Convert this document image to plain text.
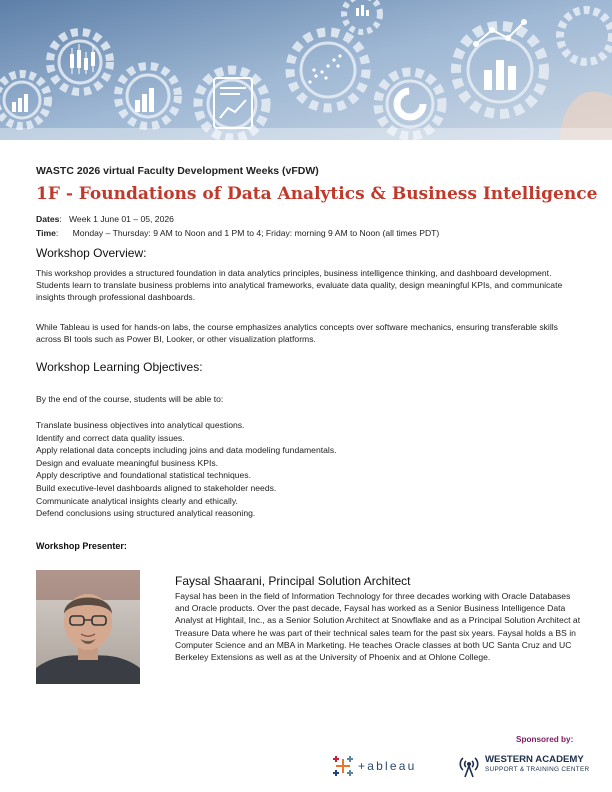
WASTC 2026 virtual Faculty Development Weeks (vFDW)
1F - Foundations of Data Analytics & Business Intelligence
Dates:   Week 1 June 01 – 05, 2026
Time:      Monday – Thursday: 9 AM to Noon and 1 PM to 4; Friday: morning 9 AM to Noon (all times PDT)
Workshop Overview:

This workshop provides a structured foundation in data analytics principles, business intelligence thinking, and dashboard development. Students learn to translate business problems into analytical frameworks, evaluate data quality, design meaningful KPIs, and communicate insights through professional dashboards.

While Tableau is used for hands-on labs, the course emphasizes analytics concepts over software mechanics, ensuring transferable skills across BI tools such as Power BI, Looker, or other visualization platforms.

Workshop Learning Objectives:

By the end of the course, students will be able to:

Translate business objectives into analytical questions.
Identify and correct data quality issues.
Apply relational data concepts including joins and data modeling fundamentals.
Design and evaluate meaningful business KPIs.
Apply descriptive and foundational statistical techniques.
Build executive-level dashboards aligned to stakeholder needs.
Communicate analytical insights clearly and ethically.
Defend conclusions using structured analytical reasoning.
Workshop Presenter:
Faysal Shaarani, Principal Solution Architect

Faysal has been in the field of Information Technology for three decades working with Oracle Databases and Oracle products. Over the past decade, Faysal has worked as a Senior Business Intelligence Data Analyst at Hightail, Inc., as a Senior Solution Architect at Snowflake and as a Principal Solution Architect at Treasure Data where he was part of their technical sales team for the past six years. Faysal holds a BS in Computer Science and an MBA in Marketing. He teaches Oracle classes at both UC Santa Cruz and UC Berkeley Extensions as well as at the University of Phoenix and at Ohlone College.

Sponsored by:
+ableau	WESTERN ACADEMY
SUPPORT & TRAINING CENTER
